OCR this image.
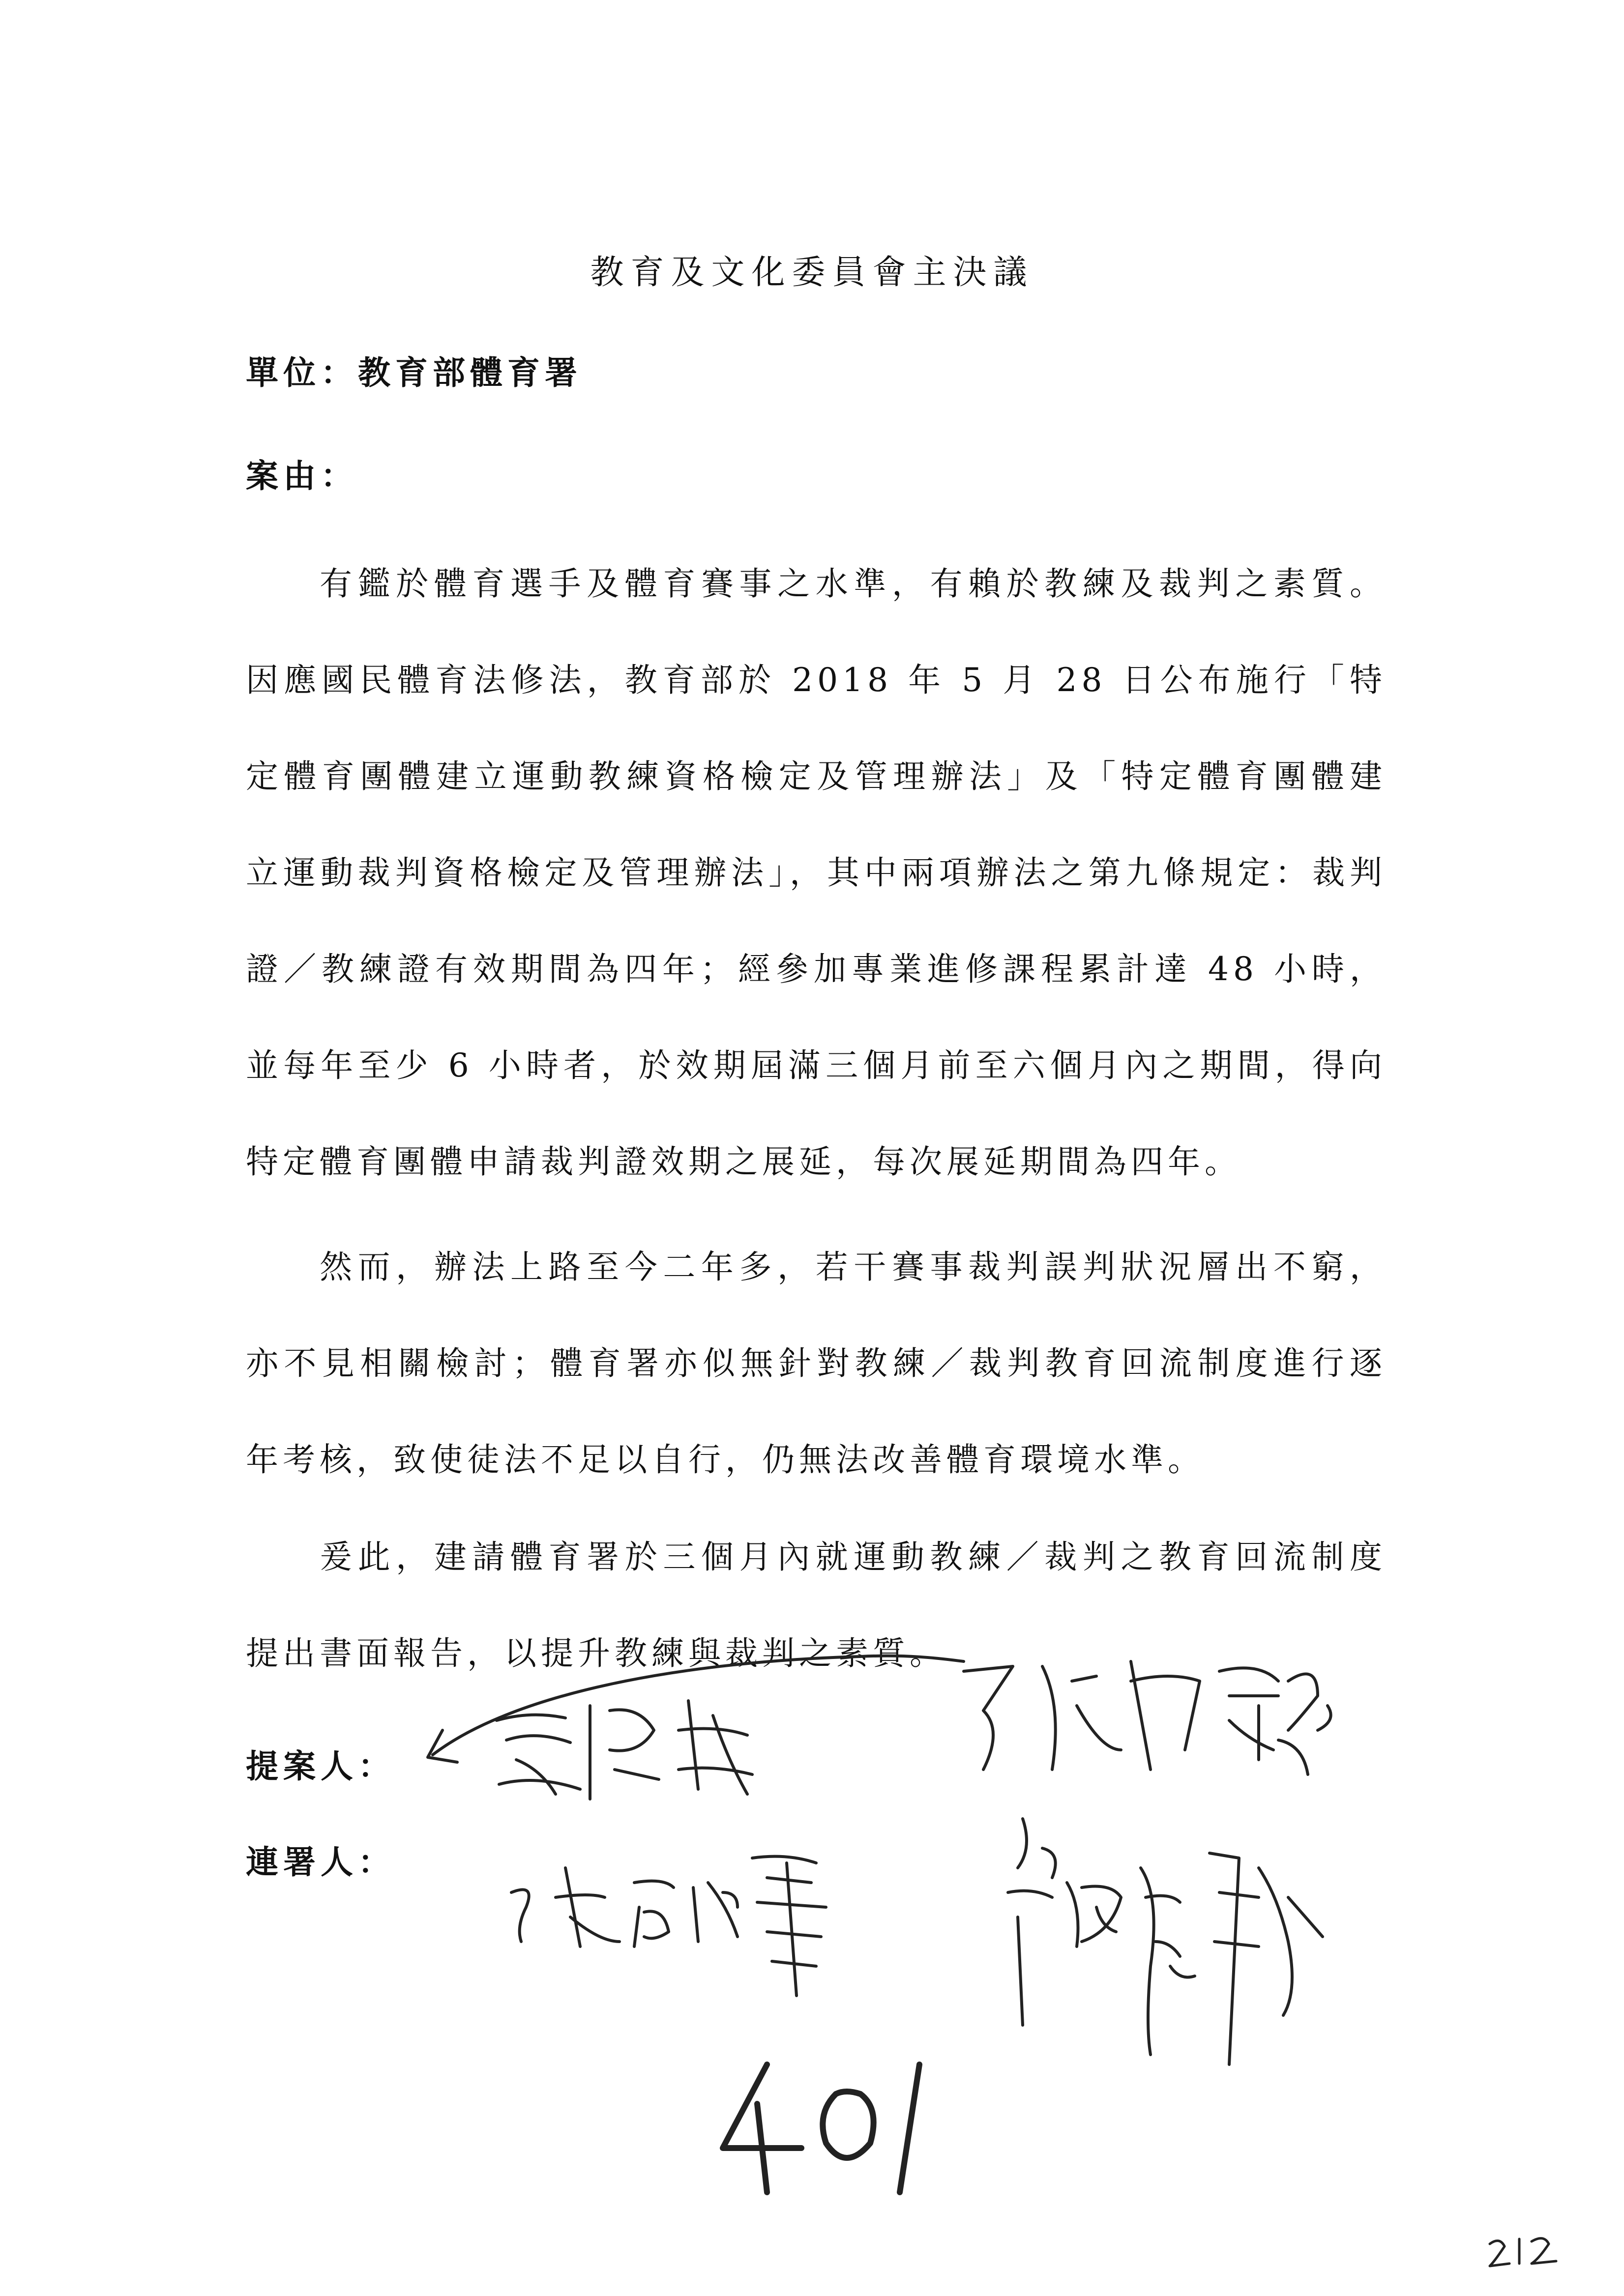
教育及文化委員會主決議
單位：教育部體育署
案由：

有鑑於體育選手及體育賽事之水準，有賴於教練及裁判之素質。因應國民體育法修法，教育部於 2018 年 5 月 28 日公布施行「特定體育團體建立運動教練資格檢定及管理辦法」及「特定體育團體建立運動裁判資格檢定及管理辦法」，其中兩項辦法之第九條規定：裁判證／教練證有效期間為四年；經參加專業進修課程累計達 48 小時，並每年至少 6 小時者，於效期屆滿三個月前至六個月內之期間，得向特定體育團體申請裁判證效期之展延，每次展延期間為四年。

然而，辦法上路至今二年多，若干賽事裁判誤判狀況層出不窮，亦不見相關檢討；體育署亦似無針對教練／裁判教育回流制度進行逐年考核，致使徒法不足以自行，仍無法改善體育環境水準。

爰此，建請體育署於三個月內就運動教練／裁判之教育回流制度提出書面報告，以提升教練與裁判之素質。

提案人：
連署人：
